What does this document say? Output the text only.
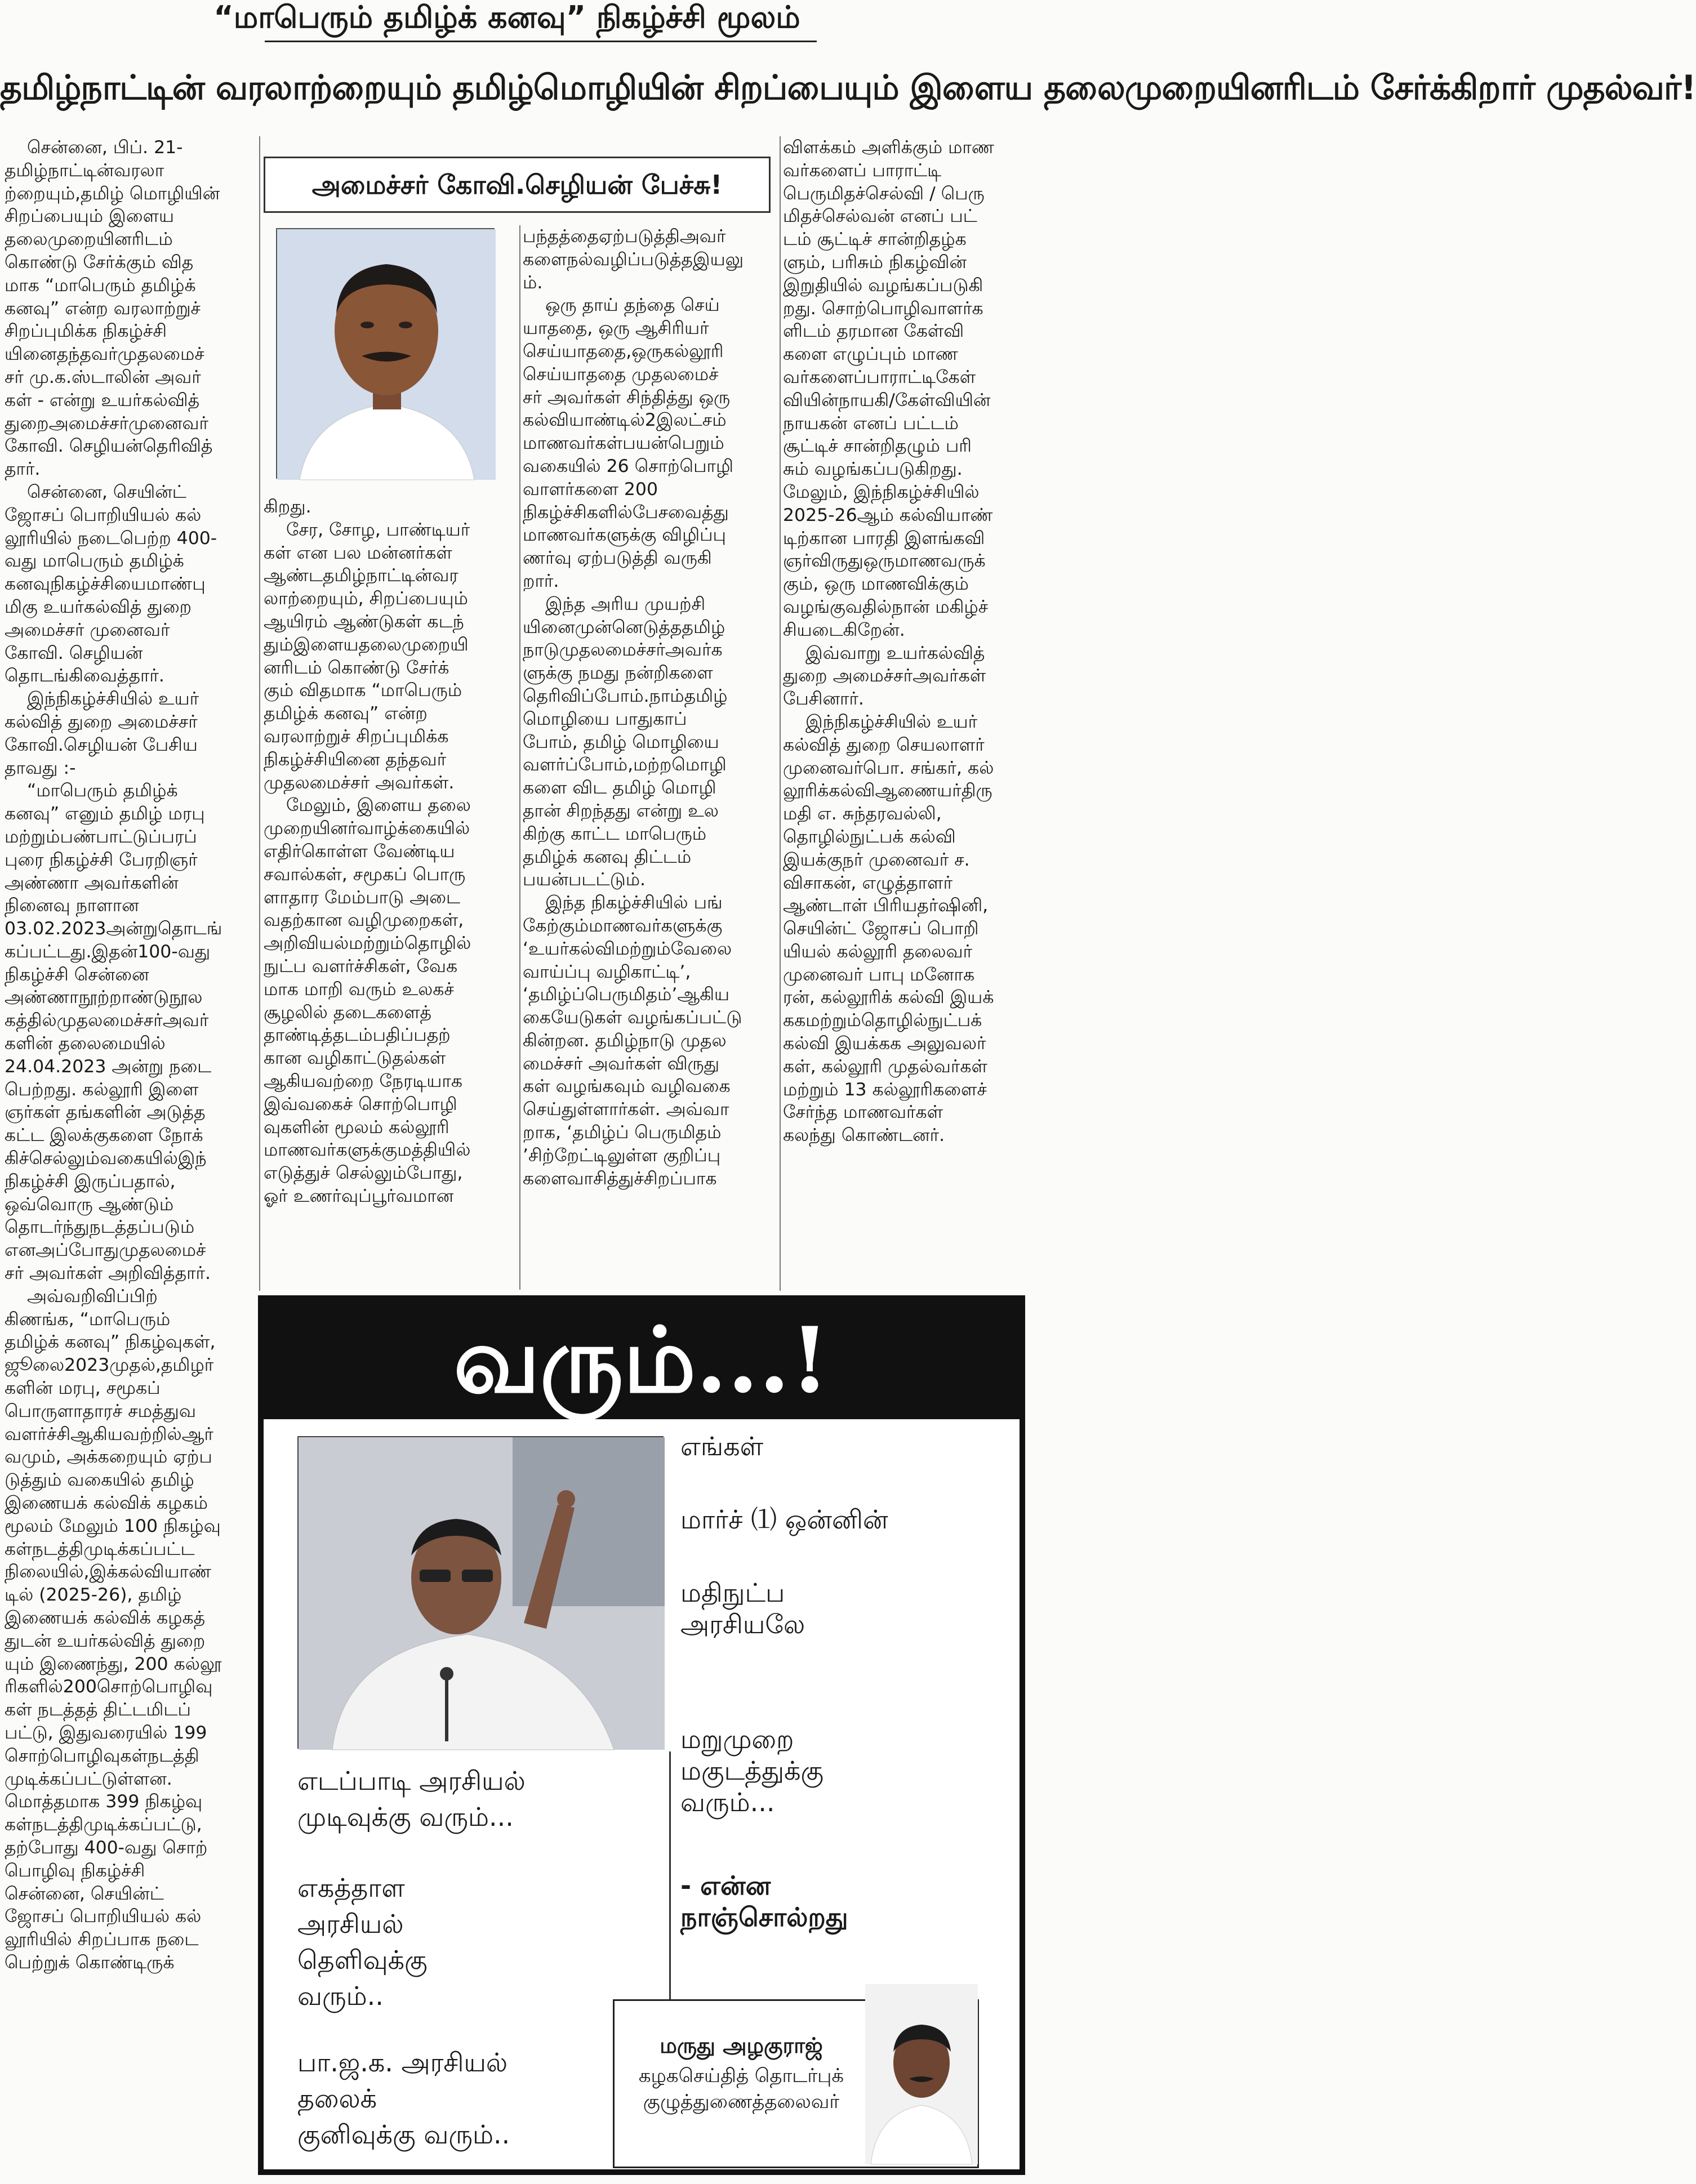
“மாபெரும் தமிழ்க் கனவு” நிகழ்ச்சி மூலம்
தமிழ்நாட்டின் வரலாற்றையும் தமிழ்மொழியின் சிறப்பையும் இளைய தலைமுறையினரிடம் சேர்க்கிறார் முதல்வர்!

சென்னை, பிப். 21-
தமிழ்நாட்டின்வரலா
ற்றையும்,தமிழ் மொழியின்
சிறப்பையும் இளைய
தலைமுறையினரிடம்
கொண்டு சேர்க்கும் வித
மாக “மாபெரும் தமிழ்க்
கனவு” என்ற வரலாற்றுச்
சிறப்புமிக்க நிகழ்ச்சி
யினைதந்தவர்முதலமைச்
சர் மு.க.ஸ்டாலின் அவர்
கள் - என்று உயர்கல்வித்
துறைஅமைச்சர்முனைவர்
கோவி. செழியன்தெரிவித்
தார்.

சென்னை, செயின்ட்
ஜோசப் பொறியியல் கல்
லூரியில் நடைபெற்ற 400-
வது மாபெரும் தமிழ்க்
கனவுநிகழ்ச்சியைமாண்பு
மிகு உயர்கல்வித் துறை
அமைச்சர் முனைவர்
கோவி. செழியன்
தொடங்கிவைத்தார்.

இந்நிகழ்ச்சியில் உயர்
கல்வித் துறை அமைச்சர்
கோவி.செழியன் பேசிய
தாவது :-

“மாபெரும் தமிழ்க்
கனவு” எனும் தமிழ் மரபு
மற்றும்பண்பாட்டுப்பரப்
புரை நிகழ்ச்சி பேரறிஞர்
அண்ணா அவர்களின்
நினைவு நாளான
03.02.2023அன்றுதொடங்
கப்பட்டது.இதன்100-வது
நிகழ்ச்சி சென்னை
அண்ணாநூற்றாண்டுநூல
கத்தில்முதலமைச்சர்அவர்
களின் தலைமையில்
24.04.2023 அன்று நடை
பெற்றது. கல்லூரி இளை
ஞர்கள் தங்களின் அடுத்த
கட்ட இலக்குகளை நோக்
கிச்செல்லும்வகையில்இந்
நிகழ்ச்சி இருப்பதால்,
ஒவ்வொரு ஆண்டும்
தொடர்ந்துநடத்தப்படும்
எனஅப்போதுமுதலமைச்
சர் அவர்கள் அறிவித்தார்.

அவ்வறிவிப்பிற்
கிணங்க, “மாபெரும்
தமிழ்க் கனவு” நிகழ்வுகள்,
ஜூலை2023முதல்,தமிழர்
களின் மரபு, சமூகப்
பொருளாதாரச் சமத்துவ
வளர்ச்சிஆகியவற்றில்ஆர்
வமும், அக்கறையும் ஏற்ப
டுத்தும் வகையில் தமிழ்
இணையக் கல்விக் கழகம்
மூலம் மேலும் 100 நிகழ்வு
கள்நடத்திமுடிக்கப்பட்ட
நிலையில்,இக்கல்வியாண்
டில் (2025-26), தமிழ்
இணையக் கல்விக் கழகத்
துடன் உயர்கல்வித் துறை
யும் இணைந்து, 200 கல்லூ
ரிகளில்200சொற்பொழிவு
கள் நடத்தத் திட்டமிடப்
பட்டு, இதுவரையில் 199
சொற்பொழிவுகள்நடத்தி
முடிக்கப்பட்டுள்ளன.
மொத்தமாக 399 நிகழ்வு
கள்நடத்திமுடிக்கப்பட்டு,
தற்போது 400-வது சொற்
பொழிவு நிகழ்ச்சி
சென்னை, செயின்ட்
ஜோசப் பொறியியல் கல்
லூரியில் சிறப்பாக நடை
பெற்றுக் கொண்டிருக்

அமைச்சர் கோவி.செழியன் பேச்சு!

கிறது.

சேர, சோழ, பாண்டியர்
கள் என பல மன்னர்கள்
ஆண்டதமிழ்நாட்டின்வர
லாற்றையும், சிறப்பையும்
ஆயிரம் ஆண்டுகள் கடந்
தும்இளையதலைமுறையி
னரிடம் கொண்டு சேர்க்
கும் விதமாக “மாபெரும்
தமிழ்க் கனவு” என்ற
வரலாற்றுச் சிறப்புமிக்க
நிகழ்ச்சியினை தந்தவர்
முதலமைச்சர் அவர்கள்.

மேலும், இளைய தலை
முறையினர்வாழ்க்கையில்
எதிர்கொள்ள வேண்டிய
சவால்கள், சமூகப் பொரு
ளாதார மேம்பாடு அடை
வதற்கான வழிமுறைகள்,
அறிவியல்மற்றும்தொழில்
நுட்ப வளர்ச்சிகள், வேக
மாக மாறி வரும் உலகச்
சூழலில் தடைகளைத்
தாண்டித்தடம்பதிப்பதற்
கான வழிகாட்டுதல்கள்
ஆகியவற்றை நேரடியாக
இவ்வகைச் சொற்பொழி
வுகளின் மூலம் கல்லூரி
மாணவர்களுக்குமத்தியில்
எடுத்துச் செல்லும்போது,
ஓர் உணர்வுப்பூர்வமான

பந்தத்தைஏற்படுத்திஅவர்
களைநல்வழிப்படுத்தஇயலு
ம்.

ஒரு தாய் தந்தை செய்
யாததை, ஒரு ஆசிரியர்
செய்யாததை,ஒருகல்லூரி
செய்யாததை முதலமைச்
சர் அவர்கள் சிந்தித்து ஒரு
கல்வியாண்டில்2இலட்சம்
மாணவர்கள்பயன்பெறும்
வகையில் 26 சொற்பொழி
வாளர்களை 200
நிகழ்ச்சிகளில்பேசவைத்து
மாணவர்களுக்கு விழிப்பு
ணர்வு ஏற்படுத்தி வருகி
றார்.

இந்த அரிய முயற்சி
யினைமுன்னெடுத்ததமிழ்
நாடுமுதலமைச்சர்அவர்க
ளுக்கு நமது நன்றிகளை
தெரிவிப்போம்.நாம்தமிழ்
மொழியை பாதுகாப்
போம், தமிழ் மொழியை
வளர்ப்போம்,மற்றமொழி
களை விட தமிழ் மொழி
தான் சிறந்தது என்று உல
கிற்கு காட்ட மாபெரும்
தமிழ்க் கனவு திட்டம்
பயன்படட்டும்.

இந்த நிகழ்ச்சியில் பங்
கேற்கும்மாணவர்களுக்கு
‘உயர்கல்விமற்றும்வேலை
வாய்ப்பு வழிகாட்டி’,
‘தமிழ்ப்பெருமிதம்’ஆகிய
கையேடுகள் வழங்கப்பட்டு
கின்றன. தமிழ்நாடு முதல
மைச்சர் அவர்கள் விருது
கள் வழங்கவும் வழிவகை
செய்துள்ளார்கள். அவ்வா
றாக, ‘தமிழ்ப் பெருமிதம்
’சிற்றேட்டிலுள்ள குறிப்பு
களைவாசித்துச்சிறப்பாக

விளக்கம் அளிக்கும் மாண
வர்களைப் பாராட்டி
பெருமிதச்செல்வி / பெரு
மிதச்செல்வன் எனப் பட்
டம் சூட்டிச் சான்றிதழ்க
ளும், பரிசும் நிகழ்வின்
இறுதியில் வழங்கப்படுகி
றது. சொற்பொழிவாளர்க
ளிடம் தரமான கேள்வி
களை எழுப்பும் மாண
வர்களைப்பாராட்டிகேள்
வியின்நாயகி/கேள்வியின்
நாயகன் எனப் பட்டம்
சூட்டிச் சான்றிதழும் பரி
சும் வழங்கப்படுகிறது.
மேலும், இந்நிகழ்ச்சியில்
2025-26ஆம் கல்வியாண்
டிற்கான பாரதி இளங்கவி
ஞர்விருதுஒருமாணவருக்
கும், ஒரு மாணவிக்கும்
வழங்குவதில்நான் மகிழ்ச்
சியடைகிறேன்.

இவ்வாறு உயர்கல்வித்
துறை அமைச்சர்அவர்கள்
பேசினார்.

இந்நிகழ்ச்சியில் உயர்
கல்வித் துறை செயலாளர்
முனைவர்பொ. சங்கர், கல்
லூரிக்கல்விஆணையர்திரு
மதி எ. சுந்தரவல்லி,
தொழில்நுட்பக் கல்வி
இயக்குநர் முனைவர் ச.
விசாகன், எழுத்தாளர்
ஆண்டாள் பிரியதர்ஷினி,
செயின்ட் ஜோசப் பொறி
யியல் கல்லூரி தலைவர்
முனைவர் பாபு மனோக
ரன், கல்லூரிக் கல்வி இயக்
ககமற்றும்தொழில்நுட்பக்
கல்வி இயக்கக அலுவலர்
கள், கல்லூரி முதல்வர்கள்
மற்றும் 13 கல்லூரிகளைச்
சேர்ந்த மாணவர்கள்
கலந்து கொண்டனர்.

வரும்...!
எங்கள்
மார்ச் ⑴ ஒன்னின்
மதிநுட்ப
அரசியலே
மறுமுறை
மகுடத்துக்கு
வரும்...
- என்ன
நாஞ்சொல்றது
எடப்பாடி அரசியல்
முடிவுக்கு வரும்...
எகத்தாள
அரசியல்
தெளிவுக்கு
வரும்..
பா.ஜ.க. அரசியல்
தலைக்
குனிவுக்கு வரும்..
மருது அழகுராஜ்
கழகசெய்தித் தொடர்புக்
குழுத்துணைத்தலைவர்
